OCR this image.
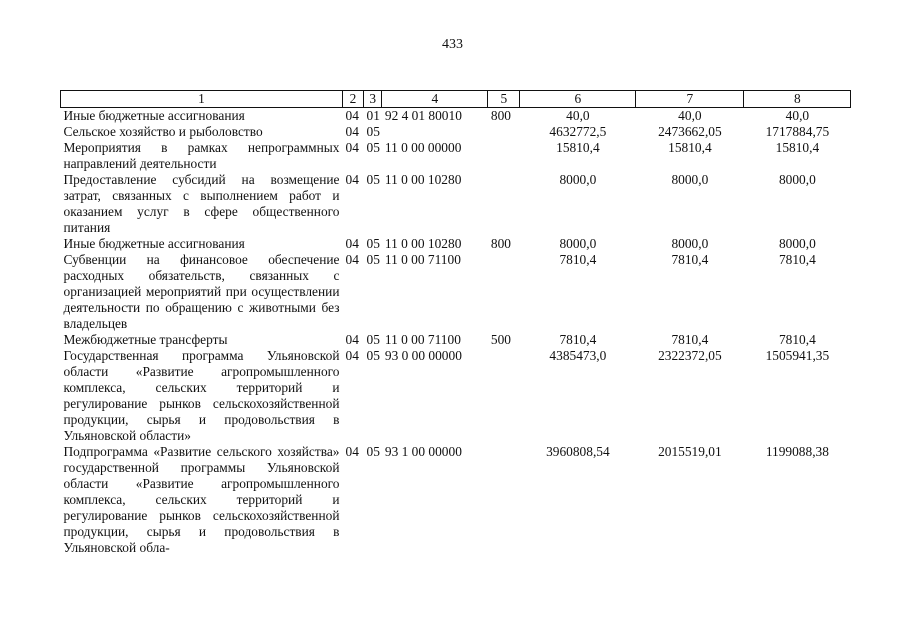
433
1	2	3	4	5	6	7	8
Иные бюджетные ассигнования	04	01	92 4 01 80010	800	40,0	40,0	40,0
Сельское хозяйство и рыболовство	04	05			4632772,5	2473662,05	1717884,75
Мероприятия в рамках непрограммных направлений деятельности	04	05	11 0 00 00000		15810,4	15810,4	15810,4
Предоставление субсидий на возмещение затрат, связанных с выполнением работ и оказанием услуг в сфере общественного питания	04	05	11 0 00 10280		8000,0	8000,0	8000,0
Иные бюджетные ассигнования	04	05	11 0 00 10280	800	8000,0	8000,0	8000,0
Субвенции на финансовое обеспечение расходных обязательств, связанных с организацией мероприятий при осуществлении деятельности по обращению с животными без владельцев	04	05	11 0 00 71100		7810,4	7810,4	7810,4
Межбюджетные трансферты	04	05	11 0 00 71100	500	7810,4	7810,4	7810,4
Государственная программа Ульяновской области «Развитие агропромышленного комплекса, сельских территорий и регулирование рынков сельскохозяйственной продукции, сырья и продовольствия в Ульяновской области»	04	05	93 0 00 00000		4385473,0	2322372,05	1505941,35
Подпрограмма «Развитие сельского хозяйства» государственной программы Ульяновской области «Развитие агропромышленного комплекса, сельских территорий и регулирование рынков сельскохозяйственной продукции, сырья и продовольствия в Ульяновской обла-	04	05	93 1 00 00000		3960808,54	2015519,01	1199088,38
